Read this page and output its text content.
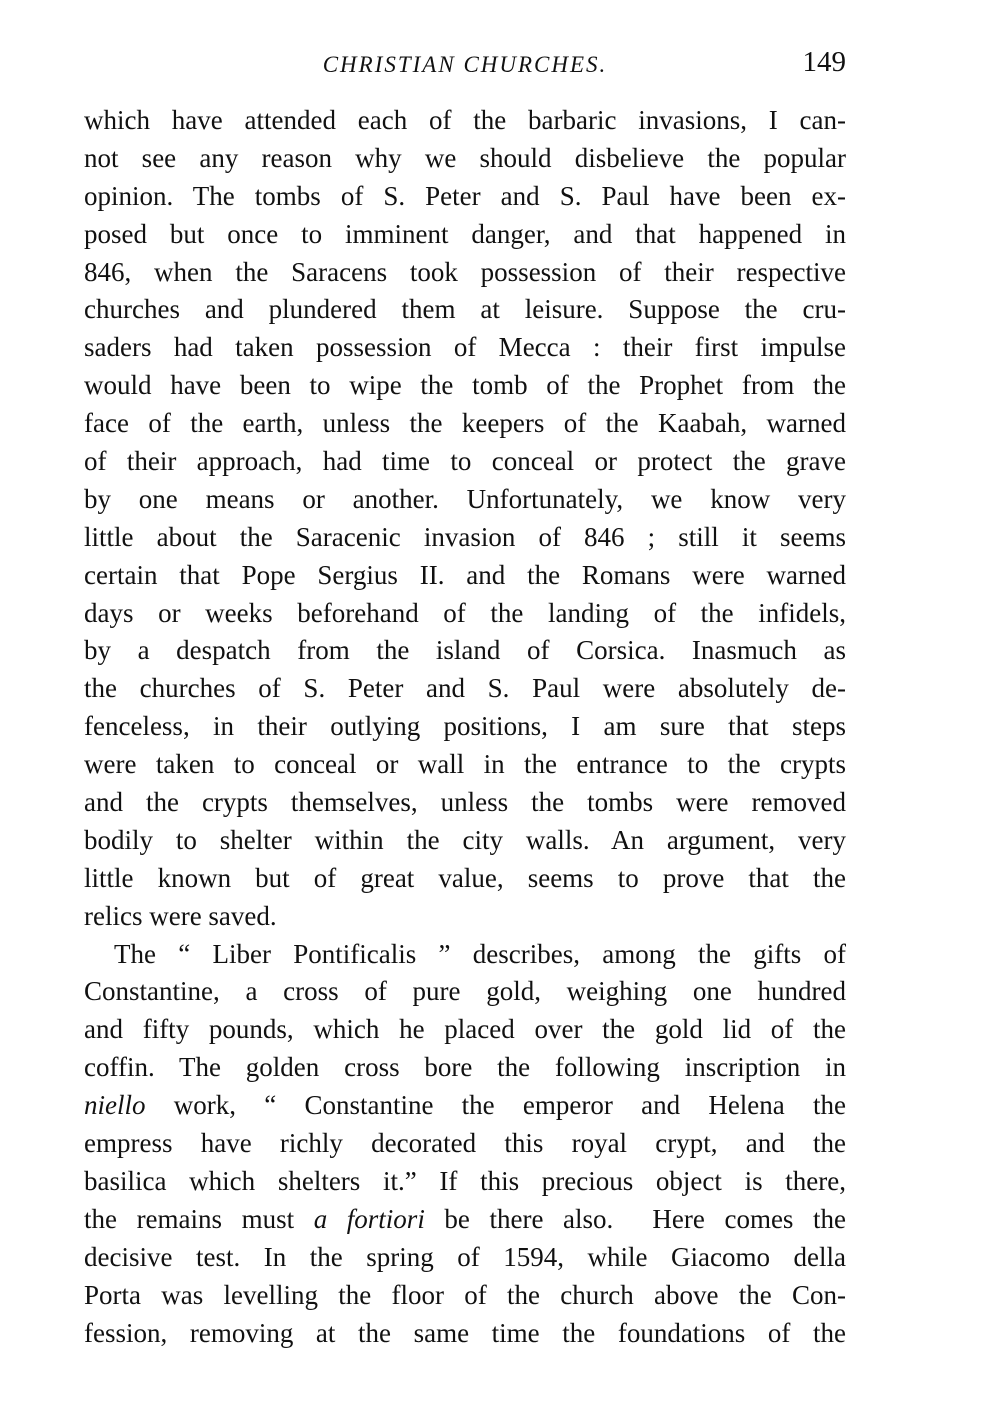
CHRISTIAN CHURCHES.	149
which have attended each of the barbaric invasions, I can-
not see any reason why we should disbelieve the popular
opinion. The tombs of S. Peter and S. Paul have been ex-
posed but once to imminent danger, and that happened in
846, when the Saracens took possession of their respective
churches and plundered them at leisure. Suppose the cru-
saders had taken possession of Mecca : their first impulse
would have been to wipe the tomb of the Prophet from the
face of the earth, unless the keepers of the Kaabah, warned
of their approach, had time to conceal or protect the grave
by one means or another. Unfortunately, we know very
little about the Saracenic invasion of 846 ; still it seems
certain that Pope Sergius II. and the Romans were warned
days or weeks beforehand of the landing of the infidels,
by a despatch from the island of Corsica. Inasmuch as
the churches of S. Peter and S. Paul were absolutely de-
fenceless, in their outlying positions, I am sure that steps
were taken to conceal or wall in the entrance to the crypts
and the crypts themselves, unless the tombs were removed
bodily to shelter within the city walls. An argument, very
little known but of great value, seems to prove that the
relics were saved.
The “ Liber Pontificalis ” describes, among the gifts of
Constantine, a cross of pure gold, weighing one hundred
and fifty pounds, which he placed over the gold lid of the
coffin. The golden cross bore the following inscription in
niello work, “ Constantine the emperor and Helena the
empress have richly decorated this royal crypt, and the
basilica which shelters it.” If this precious object is there,
the remains must a fortiori be there also.  Here comes the
decisive test. In the spring of 1594, while Giacomo della
Porta was levelling the floor of the church above the Con-
fession, removing at the same time the foundations of the
